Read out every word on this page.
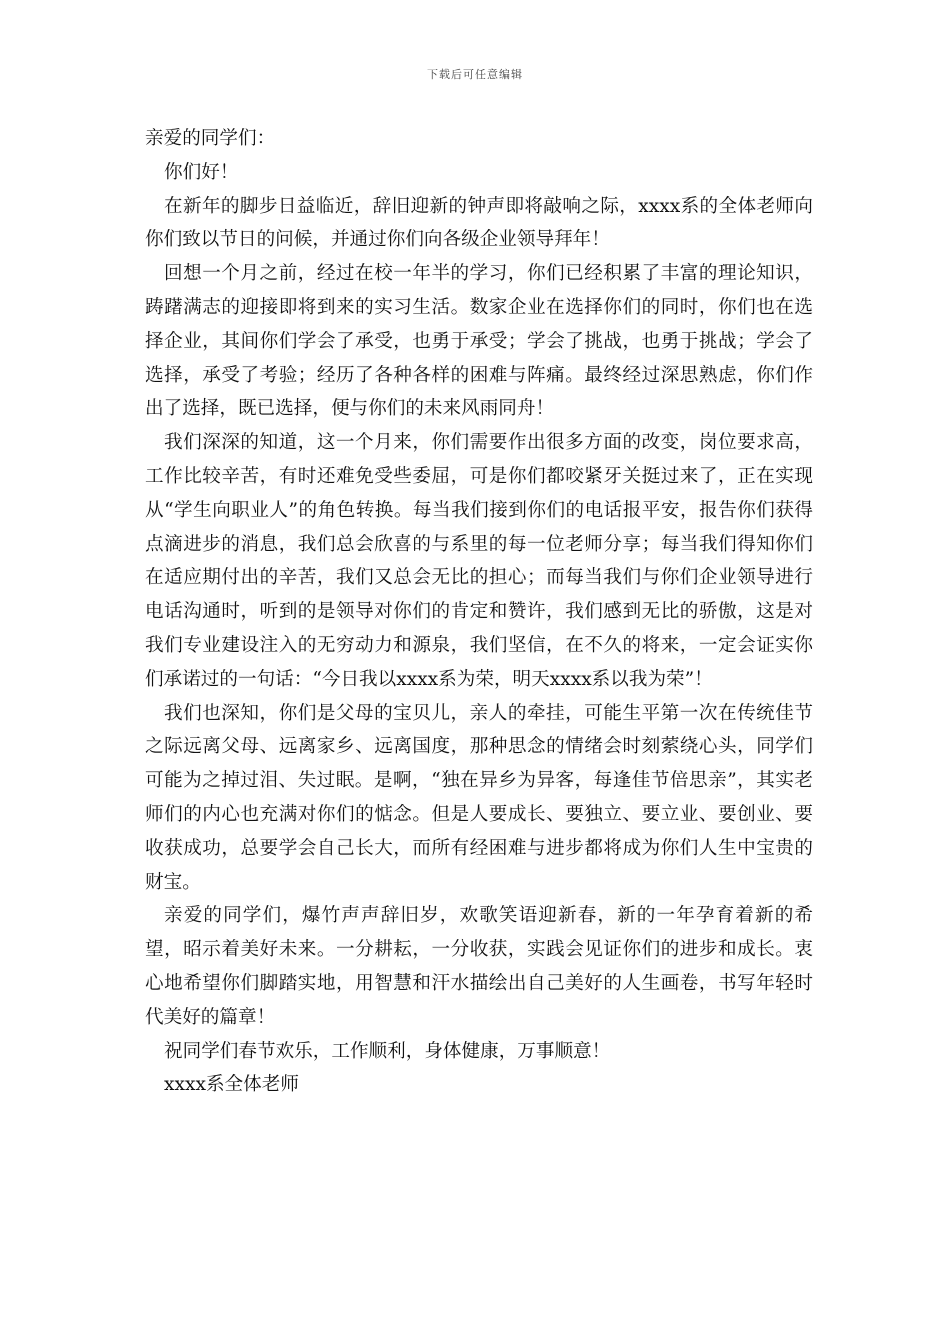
下载后可任意编辑

亲爱的同学们：

你们好！

在新年的脚步日益临近，辞旧迎新的钟声即将敲响之际，xxxx系的全体老师向你们致以节日的问候，并通过你们向各级企业领导拜年！

回想一个月之前，经过在校一年半的学习，你们已经积累了丰富的理论知识，踌躇满志的迎接即将到来的实习生活。数家企业在选择你们的同时，你们也在选择企业，其间你们学会了承受，也勇于承受；学会了挑战，也勇于挑战；学会了选择，承受了考验；经历了各种各样的困难与阵痛。最终经过深思熟虑，你们作出了选择，既已选择，便与你们的未来风雨同舟！

我们深深的知道，这一个月来，你们需要作出很多方面的改变，岗位要求高，工作比较辛苦，有时还难免受些委屈，可是你们都咬紧牙关挺过来了，正在实现从“学生向职业人”的角色转换。每当我们接到你们的电话报平安，报告你们获得点滴进步的消息，我们总会欣喜的与系里的每一位老师分享；每当我们得知你们在适应期付出的辛苦，我们又总会无比的担心；而每当我们与你们企业领导进行电话沟通时，听到的是领导对你们的肯定和赞许，我们感到无比的骄傲，这是对我们专业建设注入的无穷动力和源泉，我们坚信，在不久的将来，一定会证实你们承诺过的一句话：“今日我以xxxx系为荣，明天xxxx系以我为荣”！

我们也深知，你们是父母的宝贝儿，亲人的牵挂，可能生平第一次在传统佳节之际远离父母、远离家乡、远离国度，那种思念的情绪会时刻萦绕心头，同学们可能为之掉过泪、失过眠。是啊，“独在异乡为异客，每逢佳节倍思亲”，其实老师们的内心也充满对你们的惦念。但是人要成长、要独立、要立业、要创业、要收获成功，总要学会自己长大，而所有经困难与进步都将成为你们人生中宝贵的财宝。

亲爱的同学们，爆竹声声辞旧岁，欢歌笑语迎新春，新的一年孕育着新的希望，昭示着美好未来。一分耕耘，一分收获，实践会见证你们的进步和成长。衷心地希望你们脚踏实地，用智慧和汗水描绘出自己美好的人生画卷，书写年轻时代美好的篇章！

祝同学们春节欢乐，工作顺利，身体健康，万事顺意！

xxxx系全体老师
